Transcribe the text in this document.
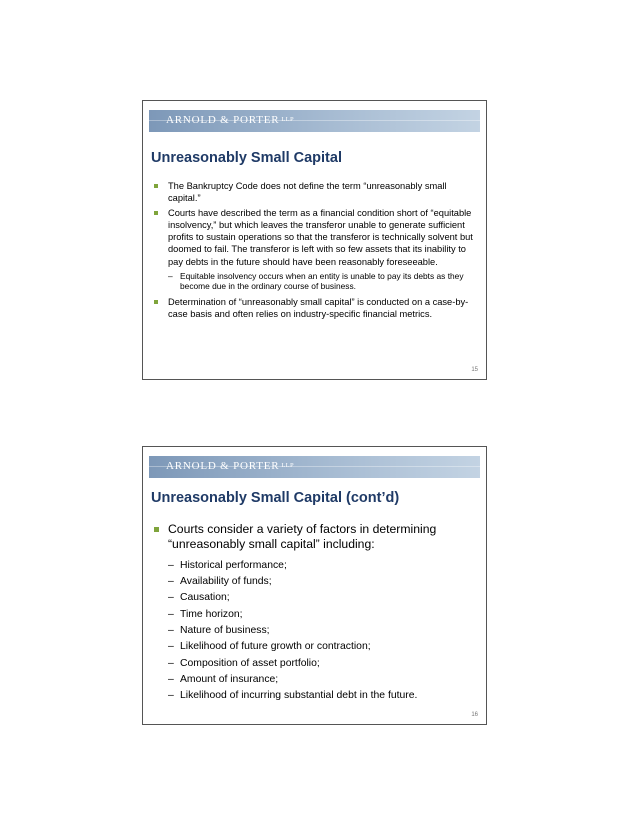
ARNOLD & PORTER LLP
Unreasonably Small Capital
The Bankruptcy Code does not define the term “unreasonably small capital.”
Courts have described the term as a financial condition short of “equitable insolvency,” but which leaves the transferor unable to generate sufficient profits to sustain operations so that the transferor is technically solvent but doomed to fail. The transferor is left with so few assets that its inability to pay debts in the future should have been reasonably foreseeable.
– Equitable insolvency occurs when an entity is unable to pay its debts as they become due in the ordinary course of business.
Determination of “unreasonably small capital” is conducted on a case-by-case basis and often relies on industry-specific financial metrics.
15
ARNOLD & PORTER LLP
Unreasonably Small Capital (cont’d)
Courts consider a variety of factors in determining “unreasonably small capital” including:
– Historical performance;
– Availability of funds;
– Causation;
– Time horizon;
– Nature of business;
– Likelihood of future growth or contraction;
– Composition of asset portfolio;
– Amount of insurance;
– Likelihood of incurring substantial debt in the future.
16
